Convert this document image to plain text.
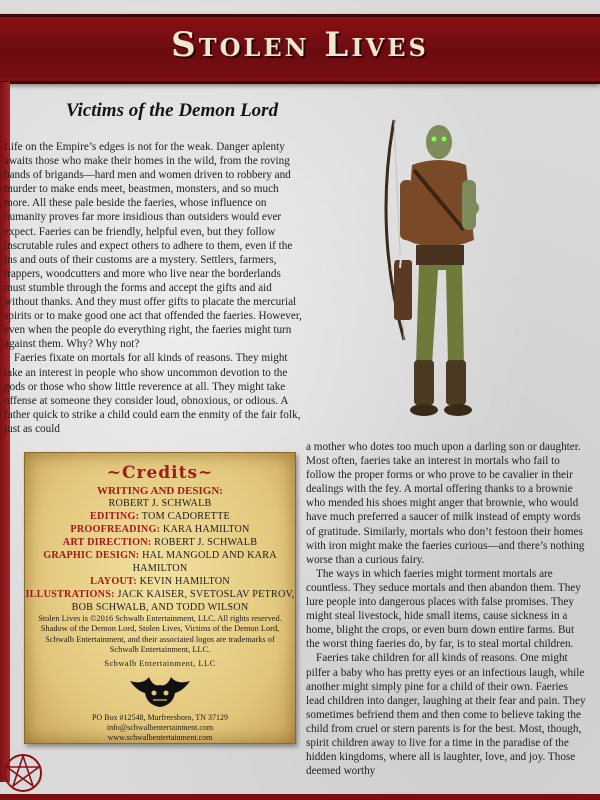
Stolen Lives
Victims of the Demon Lord

Life on the Empire’s edges is not for the weak. Danger aplenty awaits those who make their homes in the wild, from the roving bands of brigands—hard men and women driven to robbery and murder to make ends meet, beastmen, monsters, and so much more. All these pale beside the faeries, whose influence on humanity proves far more insidious than outsiders would ever expect. Faeries can be friendly, helpful even, but they follow inscrutable rules and expect others to adhere to them, even if the ins and outs of their customs are a mystery. Settlers, farmers, trappers, woodcutters and more who live near the borderlands must stumble through the forms and accept the gifts and aid without thanks. And they must offer gifts to placate the mercurial spirits or to make good one act that offended the faeries. However, even when the people do everything right, the faeries might turn against them. Why? Why not?

Faeries fixate on mortals for all kinds of reasons. They might take an interest in people who show uncommon devotion to the gods or those who show little reverence at all. They might take offense at someone they consider loud, obnoxious, or odious. A father quick to strike a child could earn the enmity of the fair folk, just as could

a mother who dotes too much upon a darling son or daughter. Most often, faeries take an interest in mortals who fail to follow the proper forms or who prove to be cavalier in their dealings with the fey. A mortal offering thanks to a brownie who mended his shoes might anger that brownie, who would have much preferred a saucer of milk instead of empty words of gratitude. Similarly, mortals who don’t festoon their homes with iron might make the faeries curious—and there’s nothing worse than a curious fairy.

The ways in which faeries might torment mortals are countless. They seduce mortals and then abandon them. They lure people into dangerous places with false promises. They might steal livestock, hide small items, cause sickness in a home, blight the crops, or even burn down entire farms. But the worst thing faeries do, by far, is to steal mortal children.

Faeries take children for all kinds of reasons. One might pilfer a baby who has pretty eyes or an infectious laugh, while another might simply pine for a child of their own. Faeries lead children into danger, laughing at their fear and pain. They sometimes befriend them and then come to believe taking the child from cruel or stern parents is for the best. Most, though, spirit children away to live for a time in the paradise of the hidden kingdoms, where all is laughter, love, and joy. Those deemed worthy

~Credits~
WRITING AND DESIGN:
ROBERT J. SCHWALB
EDITING: TOM CADORETTE
PROOFREADING: KARA HAMILTON
ART DIRECTION: ROBERT J. SCHWALB
GRAPHIC DESIGN: HAL MANGOLD AND KARA HAMILTON
LAYOUT: KEVIN HAMILTON
ILLUSTRATIONS: JACK KAISER, SVETOSLAV PETROV,
BOB SCHWALB, AND TODD WILSON
Stolen Lives is ©2016 Schwalb Entertainment, LLC. All rights reserved.
Shadow of the Demon Lord, Stolen Lives, Victims of the Demon Lord, Schwalb Entertainment, and their associated logos are trademarks of Schwalb Entertainment, LLC.
Schwalb Entertainment, LLC
PO Box #12548, Murfreesboro, TN 37129
info@schwalbentertainment.com
www.schwalbentertainment.com
